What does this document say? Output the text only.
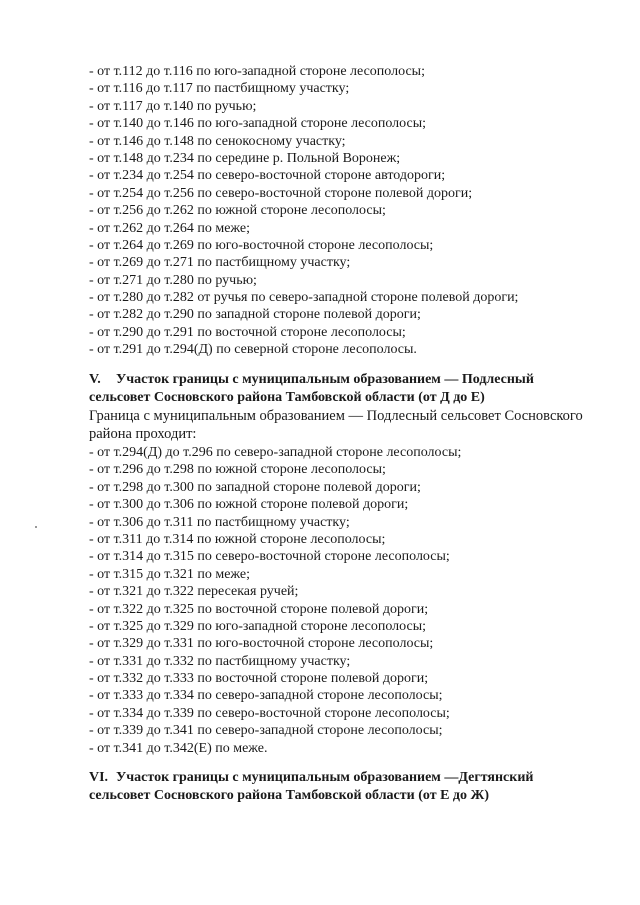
- от т.112 до т.116 по юго-западной стороне лесополосы;
- от т.116 до т.117 по пастбищному участку;
- от т.117 до т.140 по ручью;
- от т.140 до т.146 по юго-западной стороне лесополосы;
- от т.146 до т.148 по сенокосному участку;
- от т.148 до т.234 по середине р. Польной Воронеж;
- от т.234 до т.254 по северо-восточной стороне автодороги;
- от т.254 до т.256 по северо-восточной стороне полевой дороги;
- от т.256 до т.262 по южной стороне лесополосы;
- от т.262 до т.264 по меже;
- от т.264 до т.269 по юго-восточной стороне лесополосы;
- от т.269 до т.271 по пастбищному участку;
- от т.271 до т.280 по ручью;
- от т.280 до т.282 от ручья по северо-западной стороне полевой дороги;
- от т.282 до т.290 по западной стороне полевой дороги;
- от т.290 до т.291 по восточной стороне лесополосы;
- от т.291 до т.294(Д) по северной стороне лесополосы.
V. Участок границы с муниципальным образованием — Подлесный
сельсовет Сосновского района Тамбовской области (от Д до Е)

Граница с муниципальным образованием — Подлесный сельсовет Сосновского
района проходит:

- от т.294(Д) до т.296 по северо-западной стороне лесополосы;
- от т.296 до т.298 по южной стороне лесополосы;
- от т.298 до т.300 по западной стороне полевой дороги;
- от т.300 до т.306 по южной стороне полевой дороги;
- от т.306 до т.311 по пастбищному участку;
- от т.311 до т.314 по южной стороне лесополосы;
- от т.314 до т.315 по северо-восточной стороне лесополосы;
- от т.315 до т.321 по меже;
- от т.321 до т.322 пересекая ручей;
- от т.322 до т.325 по восточной стороне полевой дороги;
- от т.325 до т.329 по юго-западной стороне лесополосы;
- от т.329 до т.331 по юго-восточной стороне лесополосы;
- от т.331 до т.332 по пастбищному участку;
- от т.332 до т.333 по восточной стороне полевой дороги;
- от т.333 до т.334 по северо-западной стороне лесополосы;
- от т.334 до т.339 по северо-восточной стороне лесополосы;
- от т.339 до т.341 по северо-западной стороне лесополосы;
- от т.341 до т.342(Е) по меже.
VI. Участок границы с муниципальным образованием —Дегтянский
сельсовет Сосновского района Тамбовской области (от Е до Ж)
